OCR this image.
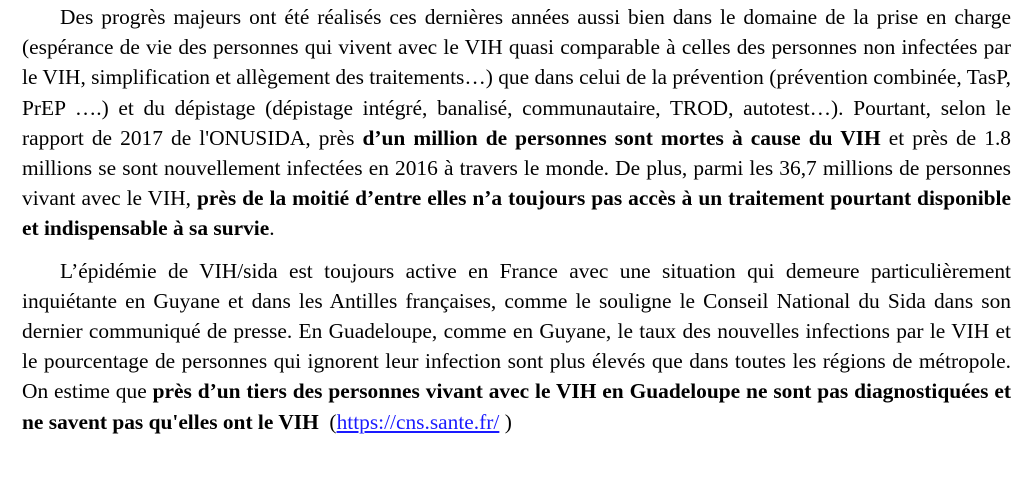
Des progrès majeurs ont été réalisés ces dernières années aussi bien dans le domaine de la prise en charge (espérance de vie des personnes qui vivent avec le VIH quasi comparable à celles des personnes non infectées par le VIH, simplification et allègement des traitements…) que dans celui de la prévention (prévention combinée, TasP, PrEP ….) et du dépistage (dépistage intégré, banalisé, communautaire, TROD, autotest…). Pourtant, selon le rapport de 2017 de l'ONUSIDA, près d’un million de personnes sont mortes à cause du VIH et près de 1.8 millions se sont nouvellement infectées en 2016 à travers le monde. De plus, parmi les 36,7 millions de personnes vivant avec le VIH, près de la moitié d’entre elles n’a toujours pas accès à un traitement pourtant disponible et indispensable à sa survie.

L’épidémie de VIH/sida est toujours active en France avec une situation qui demeure particulièrement inquiétante en Guyane et dans les Antilles françaises, comme le souligne le Conseil National du Sida dans son dernier communiqué de presse. En Guadeloupe, comme en Guyane, le taux des nouvelles infections par le VIH et le pourcentage de personnes qui ignorent leur infection sont plus élevés que dans toutes les régions de métropole. On estime que près d’un tiers des personnes vivant avec le VIH en Guadeloupe ne sont pas diagnostiquées et ne savent pas qu'elles ont le VIH  (https://cns.sante.fr/ )
